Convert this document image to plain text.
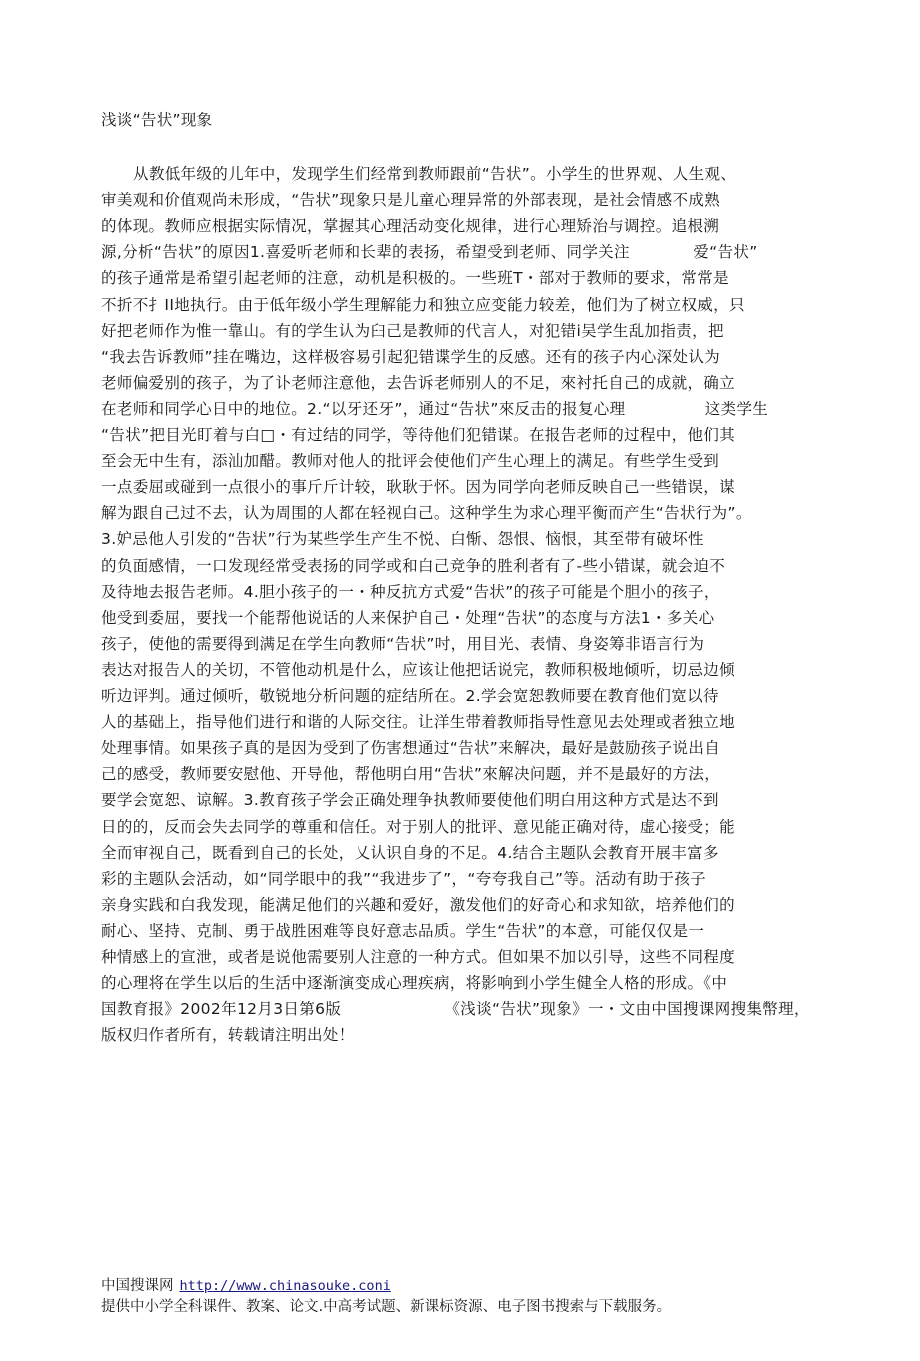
浅谈“告状”现象
从教低年级的儿年中，发现学生们经常到教师跟前“告状”。小学生的世界观、人生观、
审美观和价值观尚未形成，“告状”现象只是儿童心理异常的外部表现，是社会情感不成熟
的体现。教师应根据实际情况，掌握其心理活动变化规律，进行心理矫治与调控。追根溯
源,分析“告状”的原因1.喜爱听老师和长辈的表扬，希望受到老师、同学关注　　　　爱“告状”
的孩子通常是希望引起老师的注意，动机是积极的。一些班T・部对于教师的要求，常常是
不折不扌II地执行。由于低年级小学生理解能力和独立应变能力较差，他们为了树立权威，只
好把老师作为惟一靠山。有的学生认为臼己是教师的代言人，对犯错i吴学生乱加指责，把
“我去告诉教师”挂在嘴边，这样极容易引起犯错谍学生的反感。还有的孩子内心深处认为
老师偏爱别的孩子，为了讣老师注意他，去告诉老师别人的不足，來衬托自己的成就，确立
在老师和同学心日中的地位。2.“以牙还牙”，通过“告状”來反击的报复心理　　　　　这类学生
“告状”把目光盯着与白□・有过结的同学，等待他们犯错谋。在报告老师的过程中，他们其
至会无中生有，添汕加醋。教师对他人的批评会使他们产生心理上的满足。有些学生受到
一点委屈或碰到一点很小的事斤斤计较，耿耿于怀。因为同学向老师反映自己一些错误，谋
解为跟自己过不去，认为周围的人都在轻视白己。这种学生为求心理平衡而产生“告状行为”。
3.妒忌他人引发的“告状”行为某些学生产生不悦、白惭、怨恨、恼恨，其至带有破坏性
的负面感情，一口发现经常受表扬的同学或和白己竞争的胜利者有了-些小错谋，就会迫不
及待地去报告老师。4.胆小孩子的一・种反抗方式爱“告状”的孩子可能是个胆小的孩子，
他受到委屈，要找一个能帮他说话的人来保护自己・处理“告状”的态度与方法1・多关心
孩子，使他的需要得到满足在学生向教师“告状”吋，用目光、表情、身姿筹非语言行为
表达对报告人的关切，不管他动机是什么，应该让他把话说完，教师积极地倾听，切忌边倾
听边评判。通过倾听，敬锐地分析问题的症结所在。2.学会宽恕教师要在教育他们宽以待
人的基础上，指导他们进行和谐的人际交往。让洋生带着教师指导性意见去处理或者独立地
处理事情。如果孩子真的是因为受到了伤害想通过“告状”来解决，最好是鼓励孩子说出自
己的感受，教师要安慰他、开导他，帮他明白用“告状”來解决问题，并不是最好的方法，
要学会宽恕、谅解。3.教育孩子学会正确处理争执教师要使他们明白用这种方式是达不到
日的的，反而会失去同学的尊重和信任。对于别人的批评、意见能正确对待，虚心接受；能
全而审视自己，既看到自己的长处，乂认识自身的不足。4.结合主题队会教育开展丰富多
彩的主题队会活动，如“同学眼中的我”“我进步了”，“夸夸我自己”等。活动有助于孩子
亲身实践和白我发现，能满足他们的兴趣和爱好，激发他们的好奇心和求知欲，培养他们的
耐心、坚持、克制、勇于战胜困难等良好意志品质。学生“告状”的本意，可能仅仅是一
种情感上的宣泄，或者是说他需要别人注意的一种方式。但如果不加以引导，这些不同程度
的心理将在学生以后的生活中逐渐演变成心理疾病，将影响到小学生健全人格的形成。《中
国教育报》2002年12月3日第6版　　　　　　　《浅谈“告状”现象》一・文由中国搜课网搜集幣理，
版权归作者所有，转载请注明出处！
中国搜课网 http://www.chinasouke.coni
提供中小学全科课件、教案、论文.中高考试题、新课标资源、电子图书搜索与下载服务。
